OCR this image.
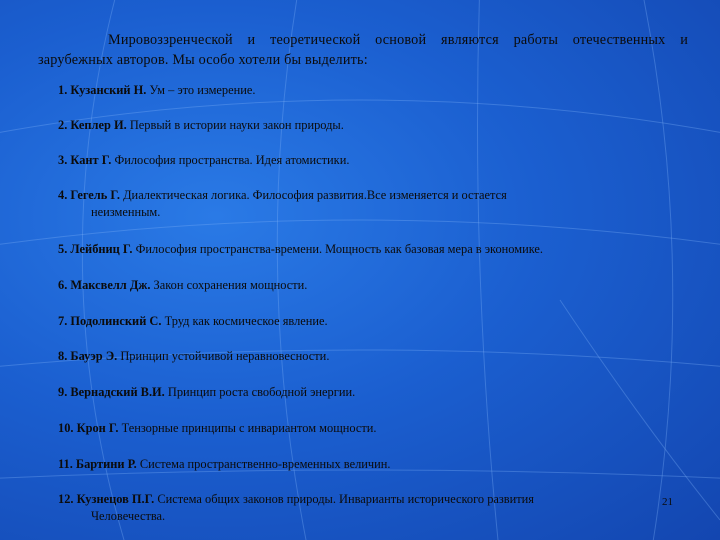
Мировоззренческой и теоретической основой являются работы отечественных и зарубежных авторов. Мы особо хотели бы выделить:

1. Кузанский Н. Ум – это измерение.
2. Кеплер И. Первый в истории науки закон природы.
3. Кант Г. Философия пространства. Идея атомистики.
4. Гегель Г. Диалектическая логика. Философия развития.Все изменяется и остается
неизменным.
5. Лейбниц Г. Философия пространства-времени. Мощность как базовая мера в экономике.
6. Максвелл Дж. Закон сохранения мощности.
7. Подолинский С. Труд как космическое явление.
8. Бауэр Э. Принцип устойчивой неравновесности.
9. Вернадский В.И. Принцип роста свободной энергии.
10. Крон Г. Тензорные принципы с инвариантом мощности.
11. Бартини Р. Система пространственно-временных величин.
12. Кузнецов П.Г. Система общих законов природы. Инварианты исторического развития
Человечества.
21
